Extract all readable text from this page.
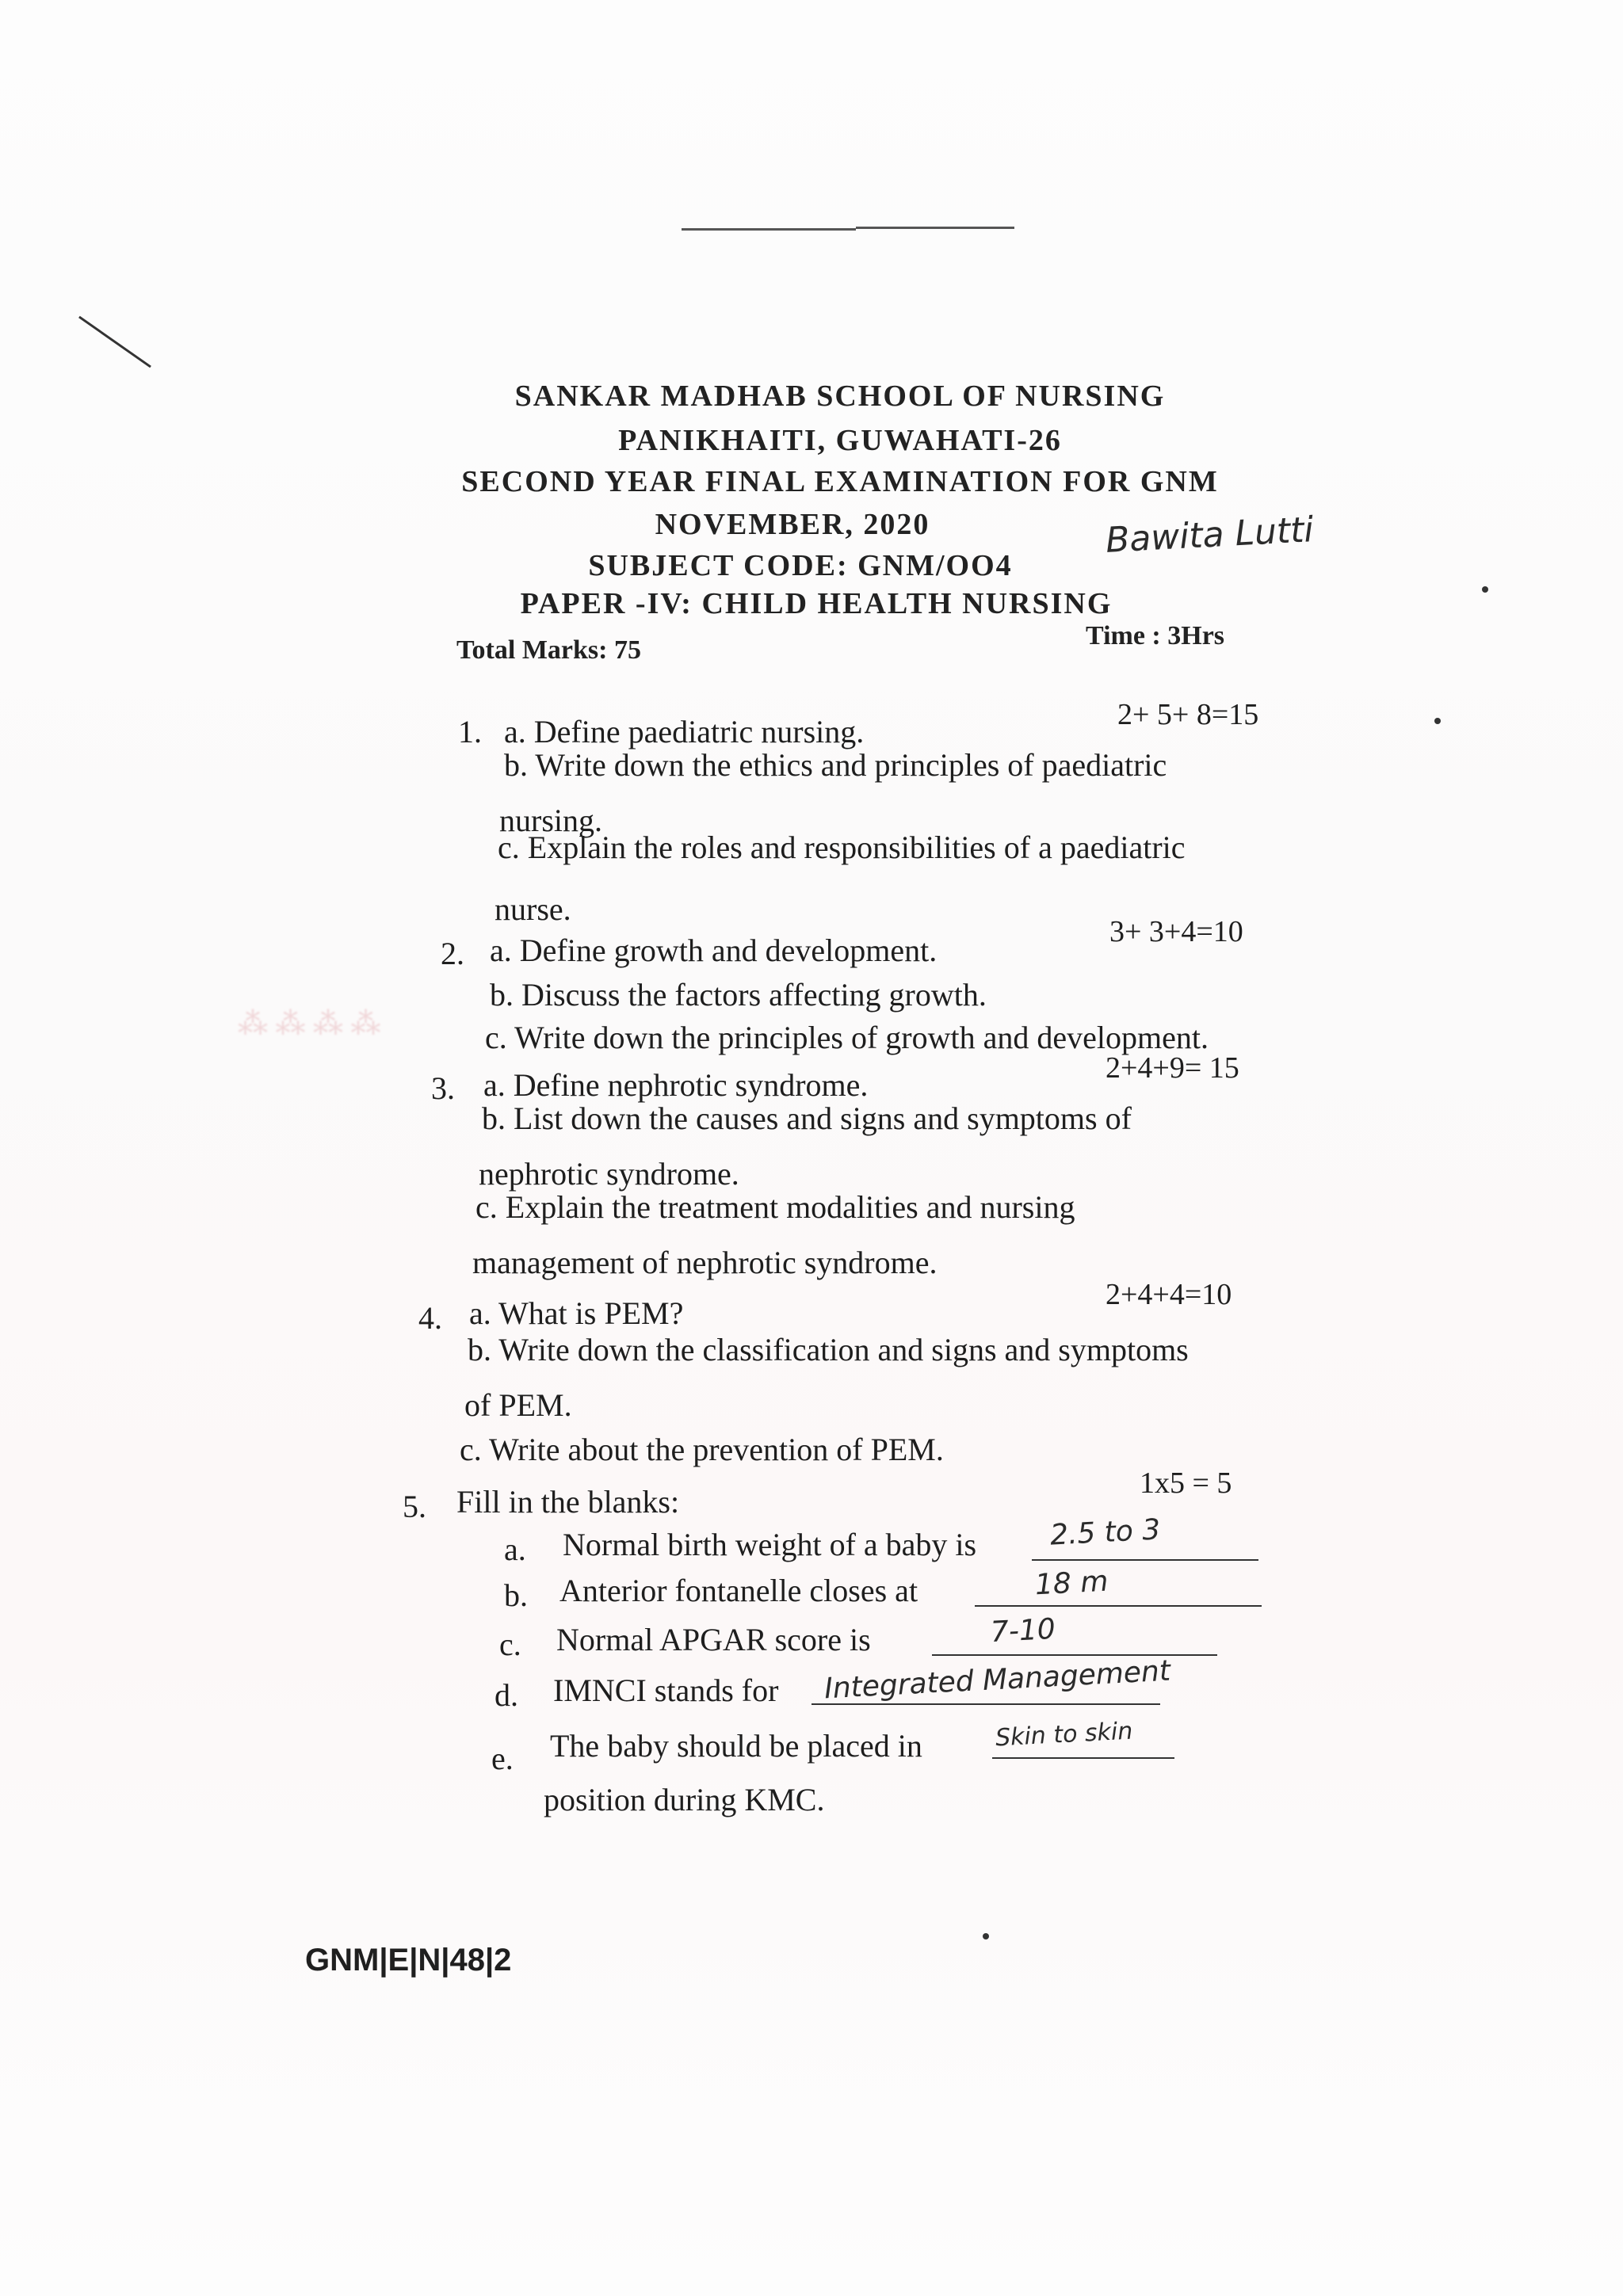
⁂ ⁂ ⁂ ⁂
SANKAR MADHAB SCHOOL OF NURSING
PANIKHAITI, GUWAHATI-26
SECOND YEAR FINAL EXAMINATION FOR GNM
NOVEMBER, 2020	Bawita Lutti
SUBJECT CODE: GNM/OO4
PAPER -IV: CHILD HEALTH NURSING
Total Marks: 75	Time : 3Hrs
1.	2+ 5+ 8=15
a. Define paediatric nursing.
b. Write down the ethics and principles of paediatric
nursing.
c. Explain the roles and responsibilities of a paediatric
nurse.
2.
3+ 3+4=10
a. Define growth and development.
b. Discuss the factors affecting growth.
c. Write down the principles of growth and development.
3.
2+4+9= 15
a. Define nephrotic syndrome.
b. List down the causes and signs and symptoms of
nephrotic syndrome.
c. Explain the treatment modalities and nursing
management of nephrotic syndrome.
4.
2+4+4=10
a. What is PEM?
b. Write down the classification and signs and symptoms
of PEM.
c. Write about the prevention of PEM.
5.
1x5 = 5
Fill in the blanks:
a. Normal birth weight of a baby is	2.5 to 3
b. Anterior fontanelle closes at	18 m
c. Normal APGAR score is	7-10
d. IMNCI stands for Integrated Management
e. The baby should be placed in	Skin to skin
position during KMC.
GNM|E|N|48|2
